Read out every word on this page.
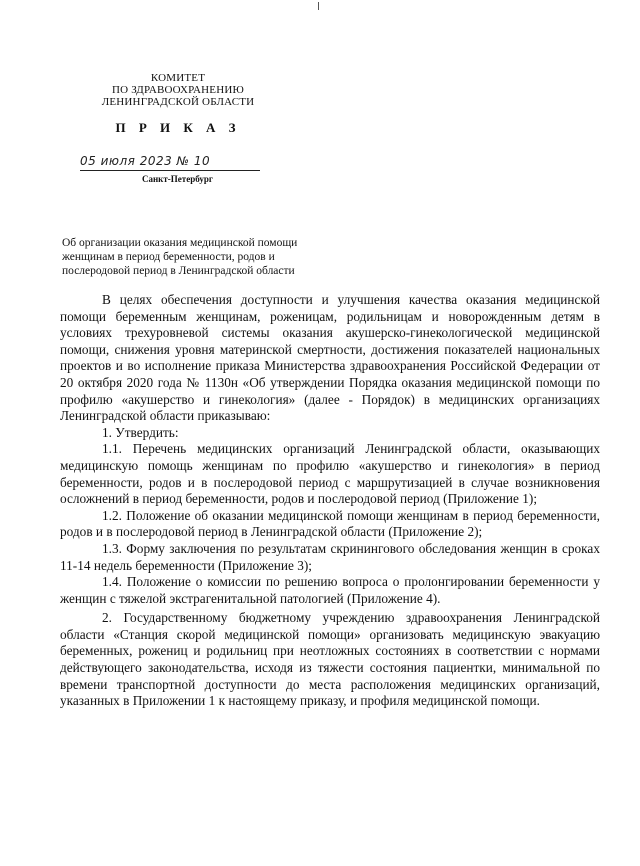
КОМИТЕТ
ПО ЗДРАВООХРАНЕНИЮ
ЛЕНИНГРАДСКОЙ ОБЛАСТИ
П Р И К А З
05 июля 2023 № 10
Санкт-Петербург
Об организации оказания медицинской помощи
женщинам в период беременности, родов и
послеродовой период в Ленинградской области

В целях обеспечения доступности и улучшения качества оказания медицинской помощи беременным женщинам, роженицам, родильницам и новорожденным детям в условиях трехуровневой системы оказания акушерско-гинекологической медицинской помощи, снижения уровня материнской смертности, достижения показателей национальных проектов и во исполнение приказа Министерства здравоохранения Российской Федерации от 20 октября 2020 года № 1130н «Об утверждении Порядка оказания медицинской помощи по профилю «акушерство и гинекология» (далее - Порядок) в медицинских организациях Ленинградской области приказываю:

1. Утвердить:

1.1. Перечень медицинских организаций Ленинградской области, оказывающих медицинскую помощь женщинам по профилю «акушерство и гинекология» в период беременности, родов и в послеродовой период с маршрутизацией в случае возникновения осложнений в период беременности, родов и послеродовой период (Приложение 1);

1.2. Положение об оказании медицинской помощи женщинам в период беременности, родов и в послеродовой период в Ленинградской области (Приложение 2);

1.3. Форму заключения по результатам скринингового обследования женщин в сроках 11-14 недель беременности (Приложение 3);

1.4. Положение о комиссии по решению вопроса о пролонгировании беременности у женщин с тяжелой экстрагенитальной патологией (Приложение 4).

2. Государственному бюджетному учреждению здравоохранения Ленинградской области «Станция скорой медицинской помощи» организовать медицинскую эвакуацию беременных, рожениц и родильниц при неотложных состояниях в соответствии с нормами действующего законодательства, исходя из тяжести состояния пациентки, минимальной по времени транспортной доступности до места расположения медицинских организаций, указанных в Приложении 1 к настоящему приказу, и профиля медицинской помощи.
